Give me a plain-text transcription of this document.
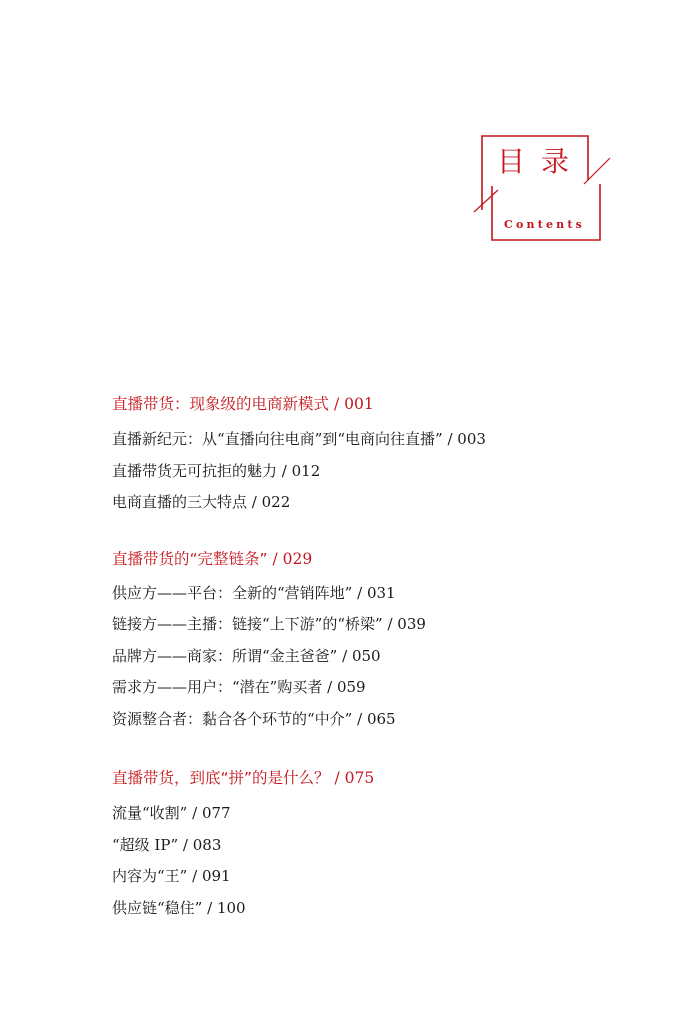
目录
Contents
直播带货：现象级的电商新模式 / 001
直播新纪元：从“直播向往电商”到“电商向往直播” / 003
直播带货无可抗拒的魅力 / 012
电商直播的三大特点 / 022
直播带货的“完整链条” / 029
供应方——平台：全新的“营销阵地” / 031
链接方——主播：链接“上下游”的“桥梁” / 039
品牌方——商家：所谓“金主爸爸” / 050
需求方——用户：“潜在”购买者 / 059
资源整合者：黏合各个环节的“中介” / 065
直播带货，到底“拼”的是什么？ / 075
流量“收割” / 077
“超级 IP” / 083
内容为“王” / 091
供应链“稳住” / 100
